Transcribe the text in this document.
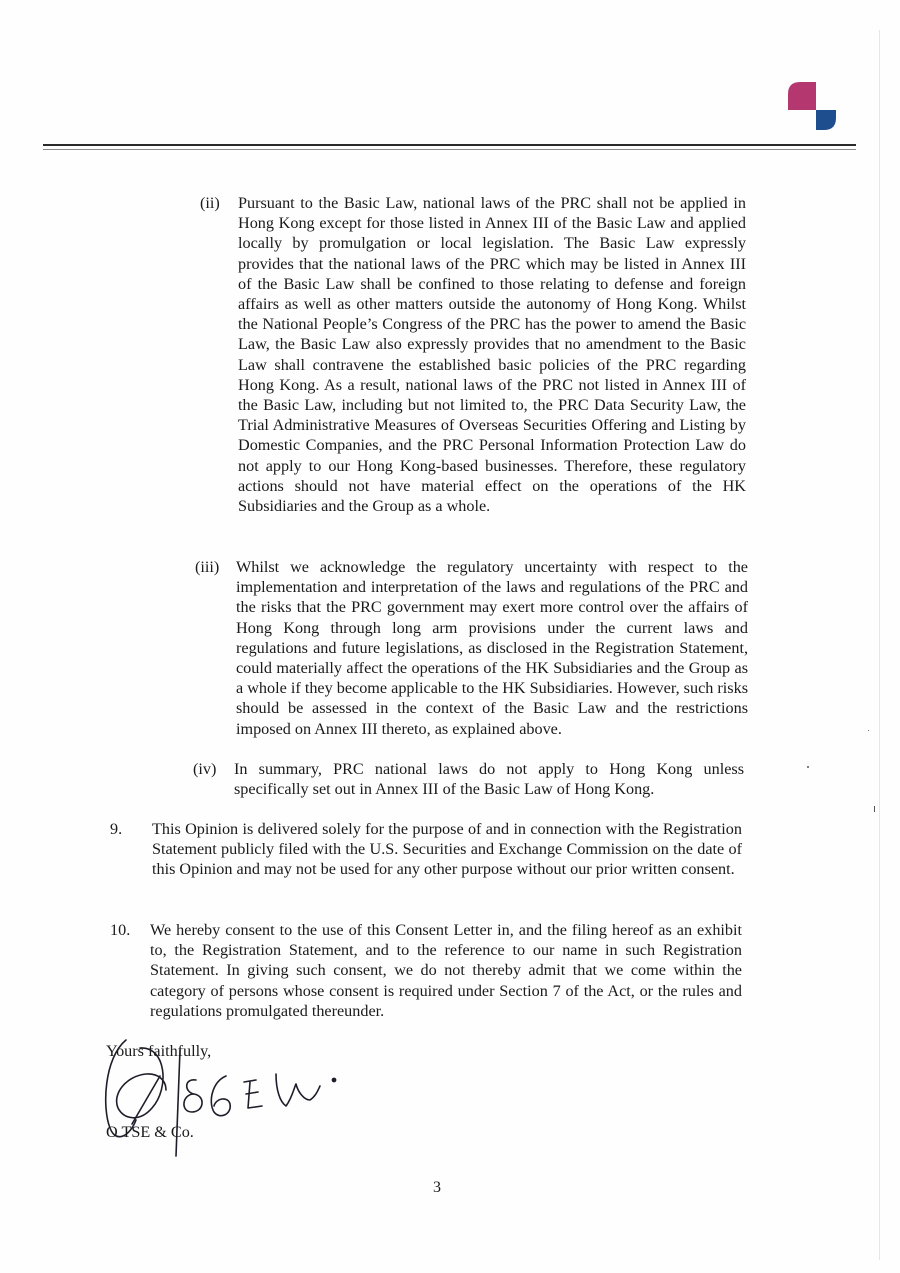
(ii) Pursuant to the Basic Law, national laws of the PRC shall not be applied in Hong Kong except for those listed in Annex III of the Basic Law and applied locally by promulgation or local legislation. The Basic Law expressly provides that the national laws of the PRC which may be listed in Annex III of the Basic Law shall be confined to those relating to defense and foreign affairs as well as other matters outside the autonomy of Hong Kong. Whilst the National People’s Congress of the PRC has the power to amend the Basic Law, the Basic Law also expressly provides that no amendment to the Basic Law shall contravene the established basic policies of the PRC regarding Hong Kong. As a result, national laws of the PRC not listed in Annex III of the Basic Law, including but not limited to, the PRC Data Security Law, the Trial Administrative Measures of Overseas Securities Offering and Listing by Domestic Companies, and the PRC Personal Information Protection Law do not apply to our Hong Kong-based businesses. Therefore, these regulatory actions should not have material effect on the operations of the HK Subsidiaries and the Group as a whole.

(iii) Whilst we acknowledge the regulatory uncertainty with respect to the implementation and interpretation of the laws and regulations of the PRC and the risks that the PRC government may exert more control over the affairs of Hong Kong through long arm provisions under the current laws and regulations and future legislations, as disclosed in the Registration Statement, could materially affect the operations of the HK Subsidiaries and the Group as a whole if they become applicable to the HK Subsidiaries. However, such risks should be assessed in the context of the Basic Law and the restrictions imposed on Annex III thereto, as explained above.

(iv) In summary, PRC national laws do not apply to Hong Kong unless specifically set out in Annex III of the Basic Law of Hong Kong.

9. This Opinion is delivered solely for the purpose of and in connection with the Registration Statement publicly filed with the U.S. Securities and Exchange Commission on the date of this Opinion and may not be used for any other purpose without our prior written consent.

10. We hereby consent to the use of this Consent Letter in, and the filing hereof as an exhibit to, the Registration Statement, and to the reference to our name in such Registration Statement. In giving such consent, we do not thereby admit that we come within the category of persons whose consent is required under Section 7 of the Act, or the rules and regulations promulgated thereunder.

Yours faithfully,

O TSE & Co.

3
